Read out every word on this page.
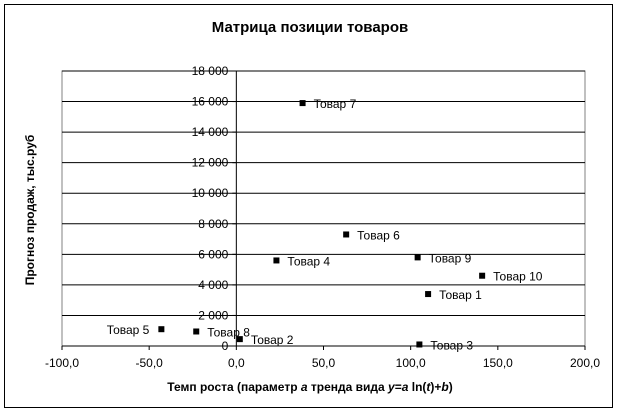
Матрица позиции товаров
0
2 000
4 000
6 000
8 000
10 000
12 000
14 000
16 000
18 000
-100,0	-50,0	0,0	50,0	100,0	150,0	200,0
Товар 1
Товар 2	Товар 3
Товар 4
Товар 5
Товар 6
Товар 7
Товар 8
Товар 9
Товар 10
Прогноз продаж, тыс.руб
Темп роста (параметр a тренда вида y=a ln(t)+b)
